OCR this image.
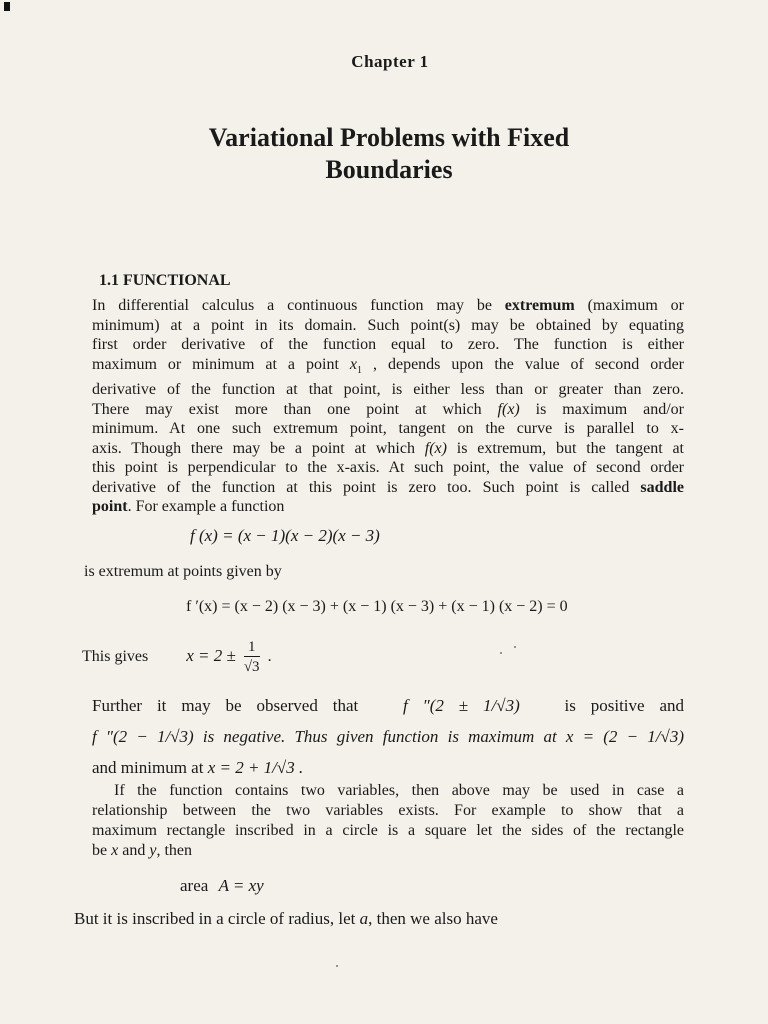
Chapter 1
Variational Problems with Fixed
Boundaries
1.1 FUNCTIONAL
In differential calculus a continuous function may be extremum (maximum or
minimum) at a point in its domain. Such point(s) may be obtained by equating
first order derivative of the function equal to zero. The function is either
maximum or minimum at a point $x_1$ , depends upon the value of second order
derivative of the function at that point, is either less than or greater than zero.
There may exist more than one point at which f(x) is maximum and/or
minimum. At one such extremum point, tangent on the curve is parallel to x-
axis. Though there may be a point at which f(x) is extremum, but the tangent at
this point is perpendicular to the x-axis. At such point, the value of second order
derivative of the function at this point is zero too. Such point is called saddle
point. For example a function
f (x) = (x − 1)(x − 2)(x − 3)
is extremum at points given by
f ′(x) = (x − 2) (x − 3) + (x − 1) (x − 3) + (x − 1) (x − 2) = 0
This gives $x = 2 \pm \frac{1}{√3}$ .
Further it may be observed that	f ″(2 ± 1/√3)	is positive and
f ″(2 − 1/√3) is negative. Thus given function is maximum at x = (2 − 1/√3)
and minimum at x = 2 + 1/√3 .
If the function contains two variables, then above may be used in case a
relationship between the two variables exists. For example to show that a
maximum rectangle inscribed in a circle is a square let the sides of the rectangle
be x and y, then
area A = xy
But it is inscribed in a circle of radius, let a, then we also have
